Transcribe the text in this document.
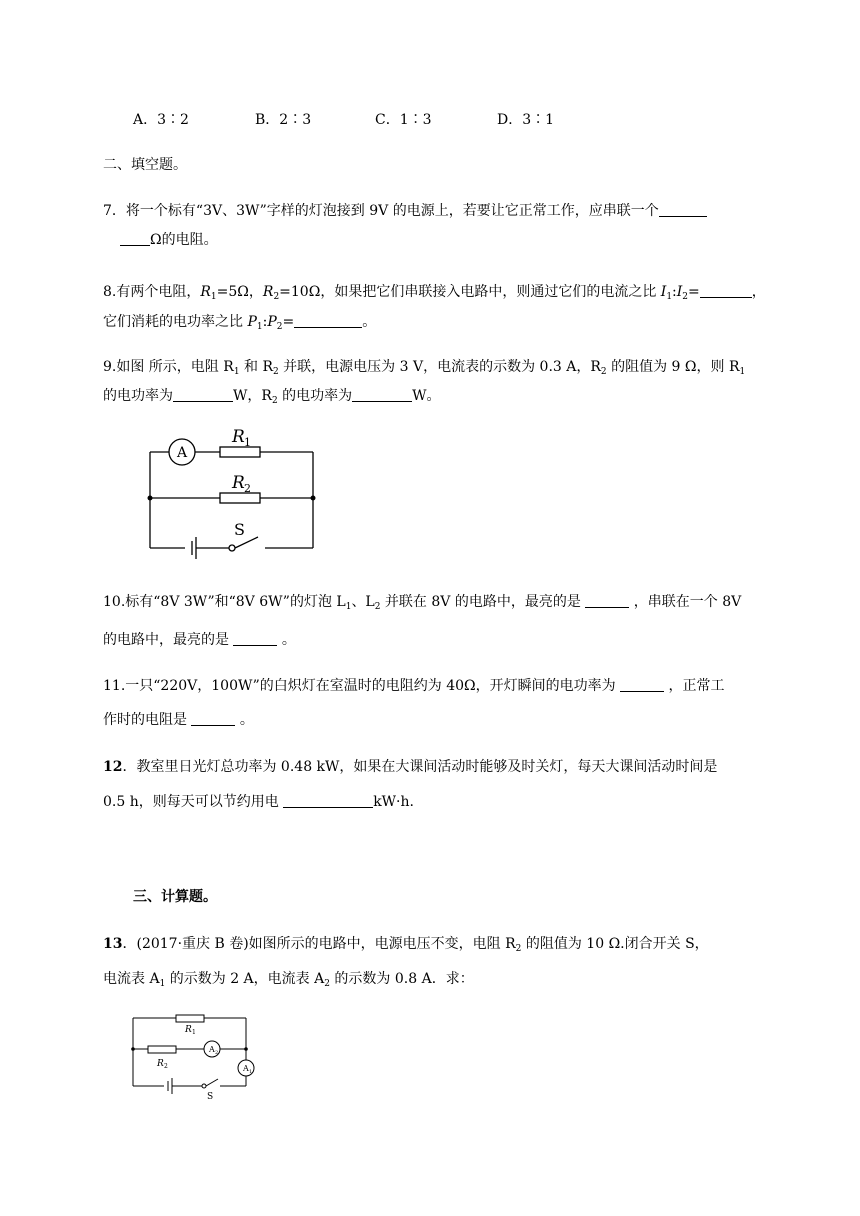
A．3∶2	B．2∶3	C．1∶3	D．3∶1
二、填空题。
7．将一个标有“3V、3W”字样的灯泡接到 9V 的电源上，若要让它正常工作，应串联一个
Ω的电阻。
8.有两个电阻，$R_1=5\Omega$，$R_2=10\Omega$，如果把它们串联接入电路中，则通过它们的电流之比 $I_1:I_2=$	，
它们消耗的电功率之比 $P_1:P_2=$	。
9.如图 所示，电阻 $R_1$ 和 $R_2$ 并联，电源电压为 3 V，电流表的示数为 0.3 A，$R_2$ 的阻值为 9 Ω，则 $R_1$
的电功率为	W，$R_2$ 的电功率为	W。
A
R 1
R 2
S
10.标有“8V 3W”和“8V 6W”的灯泡 $L_1$、$L_2$ 并联在 8V 的电路中，最亮的是	，串联在一个 8V
的电路中，最亮的是	。
11.一只“220V，100W”的白炽灯在室温时的电阻约为 40Ω，开灯瞬间的电功率为	，正常工
作时的电阻是	。
12．教室里日光灯总功率为 0.48 kW，如果在大课间活动时能够及时关灯，每天大课间活动时间是
0.5 h，则每天可以节约用电	kW·h.
三、计算题。
13．(2017·重庆 B 卷)如图所示的电路中，电源电压不变，电阻 $R_2$ 的阻值为 10 Ω.闭合开关 S，
电流表 $A_1$ 的示数为 2 A，电流表 $A_2$ 的示数为 0.8 A．求：
R 1
R 2
A 2
A 1
S
